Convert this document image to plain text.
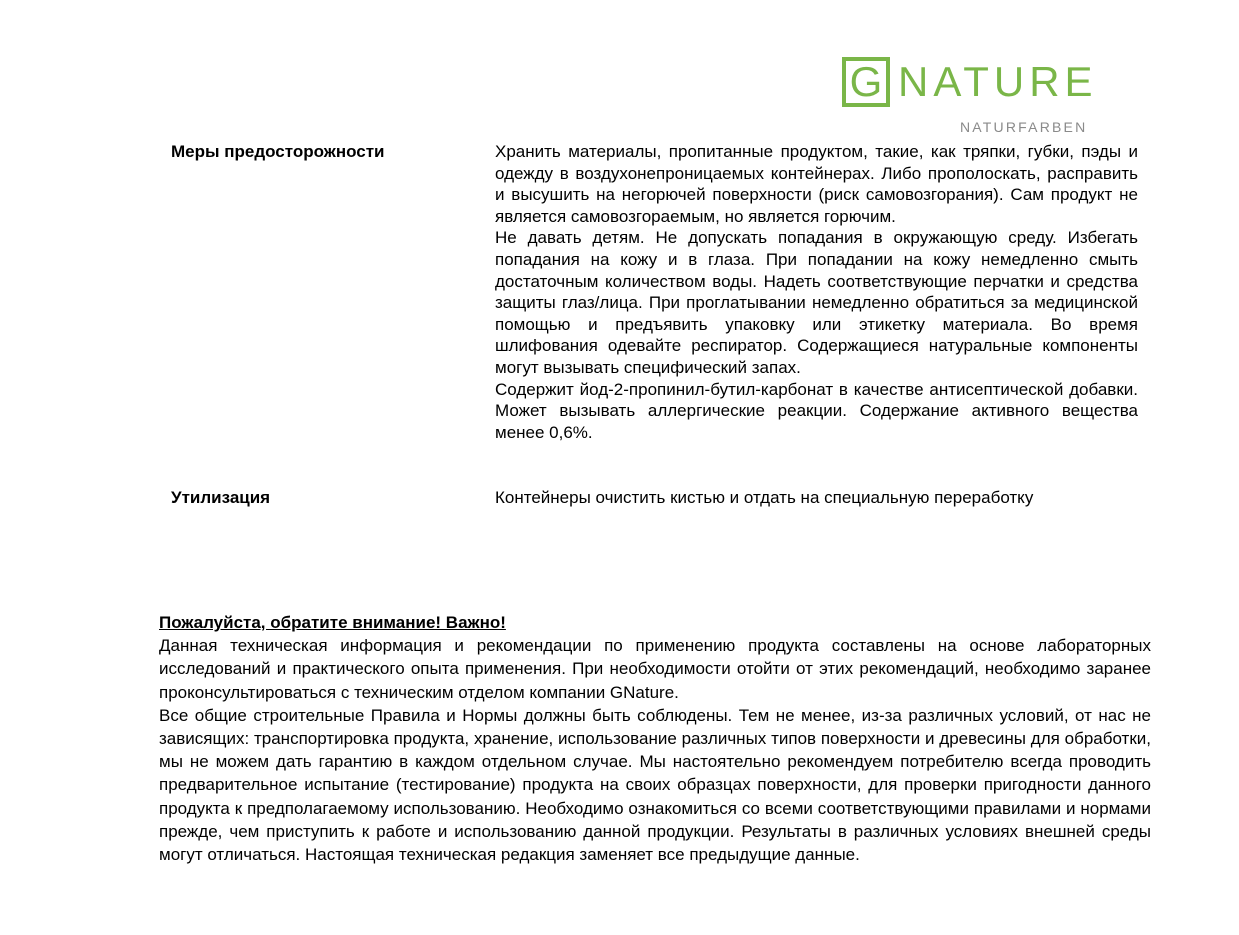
G NATURE
NATURFARBEN
Меры предосторожности	Хранить материалы, пропитанные продуктом, такие, как тряпки, губки, пэды и одежду в воздухонепроницаемых контейнерах. Либо прополоскать, расправить и высушить на негорючей поверхности (риск самовозгорания). Сам продукт не является самовозгораемым, но является горючим.

Не давать детям. Не допускать попадания в окружающую среду. Избегать попадания на кожу и в глаза. При попадании на кожу немедленно смыть достаточным количеством воды. Надеть соответствующие перчатки и средства защиты глаз/лица. При проглатывании немедленно обратиться за медицинской помощью и предъявить упаковку или этикетку материала. Во время шлифования одевайте респиратор. Содержащиеся натуральные компоненты могут вызывать специфический запах.

Содержит йод-2-пропинил-бутил-карбонат в качестве антисептической добавки. Может вызывать аллергические реакции. Содержание активного вещества менее 0,6%.

Утилизация	Контейнеры очистить кистью и отдать на специальную переработку

Пожалуйста, обратите внимание! Важно!

Данная техническая информация и рекомендации по применению продукта составлены на основе лабораторных исследований и практического опыта применения. При необходимости отойти от этих рекомендаций, необходимо заранее проконсультироваться с техническим отделом компании GNature.

Все общие строительные Правила и Нормы должны быть соблюдены. Тем не менее, из-за различных условий, от нас не зависящих: транспортировка продукта, хранение, использование различных типов поверхности и древесины для обработки, мы не можем дать гарантию в каждом отдельном случае. Мы настоятельно рекомендуем потребителю всегда проводить предварительное испытание (тестирование) продукта на своих образцах поверхности, для проверки пригодности данного продукта к предполагаемому использованию. Необходимо ознакомиться со всеми соответствующими правилами и нормами прежде, чем приступить к работе и использованию данной продукции. Результаты в различных условиях внешней среды могут отличаться. Настоящая техническая редакция заменяет все предыдущие данные.
